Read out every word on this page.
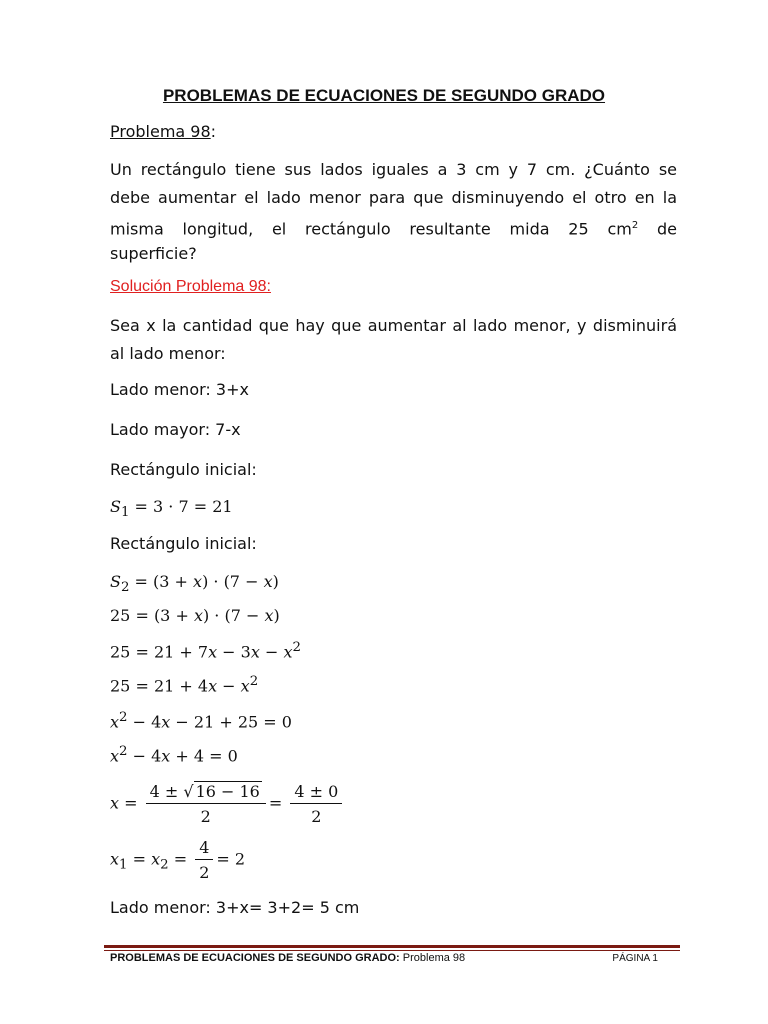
PROBLEMAS DE ECUACIONES DE SEGUNDO GRADO
Problema 98:
Un rectángulo tiene sus lados iguales a 3 cm y 7 cm. ¿Cuánto se
debe aumentar el lado menor para que disminuyendo el otro en la
misma longitud, el rectángulo resultante mida 25 $cm^2$ de
superficie?
Solución Problema 98:
Sea x la cantidad que hay que aumentar al lado menor, y disminuirá
al lado menor:
Lado menor: 3+x
Lado mayor: 7-x
Rectángulo inicial:
$S_1 = 3 \cdot 7 = 21$
Rectángulo inicial:
$S_2 = (3 + x) \cdot (7 - x)$
25 = (3 + x) · (7 − x)
$25 = 21 + 7x - 3x - x^2$
$25 = 21 + 4x - x^2$
$x^2 - 4x - 21 + 25 = 0$
$x^2 - 4x + 4 = 0$
$x = \frac{4 \pm √ 16 - 16}{2} = \frac{4 \pm 0}{2}$
$x_1 = x_2 = \frac{4}{2} = 2$
Lado menor: 3+x= 3+2= 5 cm
PROBLEMAS DE ECUACIONES DE SEGUNDO GRADO: Problema 98	PÁGINA 1
